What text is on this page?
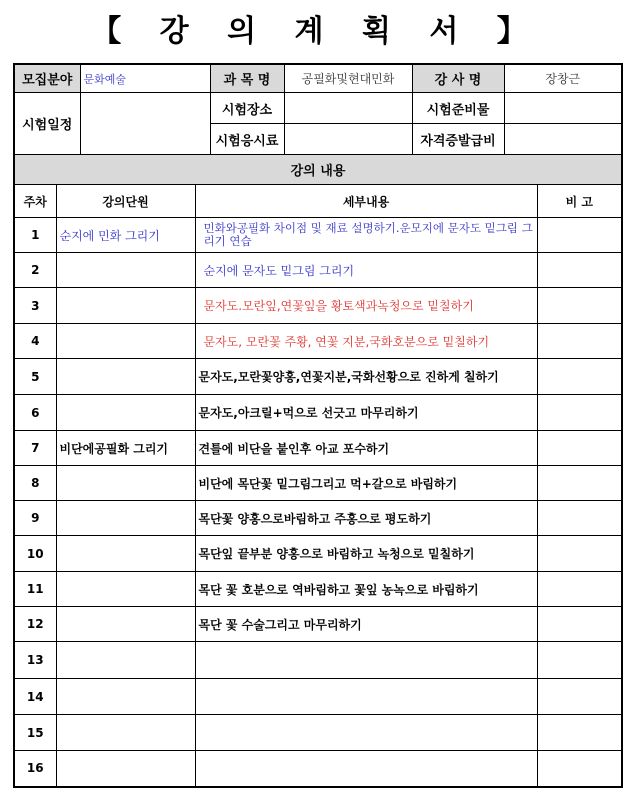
【 강 의 계 획 서 】
모집분야	문화예술	과 목 명	공필화및현대민화	강 사 명	장창근
시험일정		시험장소		시험준비물	
		시험응시료		자격증발급비	
강의 내용			
주차	강의단원	세부내용	비 고
1	순지에 민화 그리기	민화와공필화 차이점 및 재료 설명하기.운모지에 문자도 밑그림 그리기 연습	
2		순지에 문자도 밑그림 그리기	
3		문자도.모란잎,연꽃잎을 황토색과녹청으로 밑칠하기	
4		문자도, 모란꽃 주황, 연꽃 지분,국화호분으로 밑칠하기	
5		문자도,모란꽃양홍,연꽃지분,국화선황으로 진하게 칠하기	
6		문자도,아크릴+먹으로 선긋고 마무리하기	
7	비단에공필화 그리기	견틀에 비단을 붙인후 아교 포수하기	
8		비단에 목단꽃 밑그림그리고 먹+갈으로 바림하기	
9		목단꽃 양홍으로바림하고 주홍으로 평도하기	
10		목단잎 끝부분 양홍으로 바림하고 녹청으로 밑칠하기	
11		목단 꽃 호분으로 역바림하고 꽃잎 농녹으로 바림하기	
12		목단 꽃 수술그리고 마무리하기	
13			
14			
15			
16			
